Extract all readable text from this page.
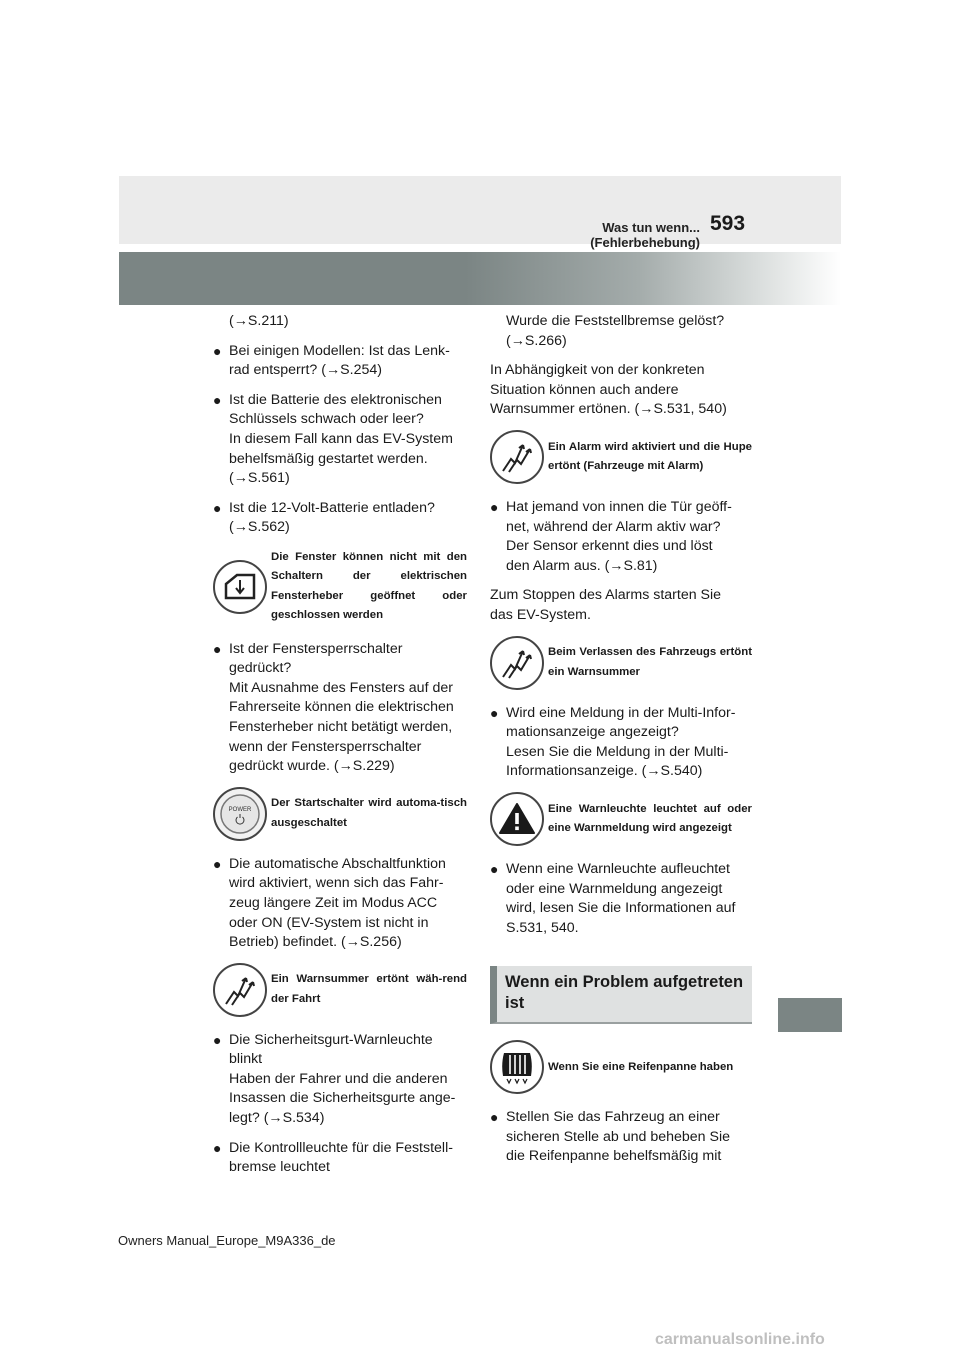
Was tun wenn... (Fehlerbehebung)
593
(→S.211)
● Bei einigen Modellen: Ist das Lenk-
rad entsperrt? (→S.254)
● Ist die Batterie des elektronischen
Schlüssels schwach oder leer?
In diesem Fall kann das EV-System
behelfsmäßig gestartet werden.
(→S.561)
● Ist die 12-Volt-Batterie entladen?
(→S.562)
Die Fenster können nicht mit den Schaltern der elektrischen Fensterheber geöffnet oder geschlossen werden
● Ist der Fenstersperrschalter
gedrückt?
Mit Ausnahme des Fensters auf der
Fahrerseite können die elektrischen
Fensterheber nicht betätigt werden,
wenn der Fenstersperrschalter
gedrückt wurde. (→S.229)
POWER
Der Startschalter wird automa-tisch ausgeschaltet
● Die automatische Abschaltfunktion
wird aktiviert, wenn sich das Fahr-
zeug längere Zeit im Modus ACC
oder ON (EV-System ist nicht in
Betrieb) befindet. (→S.256)
Ein Warnsummer ertönt wäh-rend der Fahrt
● Die Sicherheitsgurt-Warnleuchte
blinkt
Haben der Fahrer und die anderen
Insassen die Sicherheitsgurte ange-
legt? (→S.534)
● Die Kontrollleuchte für die Feststell-
bremse leuchtet
Wurde die Feststellbremse gelöst?
(→S.266)
In Abhängigkeit von der konkreten
Situation können auch andere
Warnsummer ertönen. (→S.531, 540)
Ein Alarm wird aktiviert und die Hupe ertönt (Fahrzeuge mit Alarm)
● Hat jemand von innen die Tür geöff-
net, während der Alarm aktiv war?
Der Sensor erkennt dies und löst
den Alarm aus. (→S.81)
Zum Stoppen des Alarms starten Sie
das EV-System.
Beim Verlassen des Fahrzeugs ertönt ein Warnsummer
● Wird eine Meldung in der Multi-Infor-
mationsanzeige angezeigt?
Lesen Sie die Meldung in der Multi-
Informationsanzeige. (→S.540)
Eine Warnleuchte leuchtet auf oder eine Warnmeldung wird angezeigt
● Wenn eine Warnleuchte aufleuchtet
oder eine Warnmeldung angezeigt
wird, lesen Sie die Informationen auf
S.531, 540.
Wenn ein Problem aufgetreten ist
Wenn Sie eine Reifenpanne haben
● Stellen Sie das Fahrzeug an einer
sicheren Stelle ab und beheben Sie
die Reifenpanne behelfsmäßig mit
Owners Manual_Europe_M9A336_de
carmanualsonline.info
